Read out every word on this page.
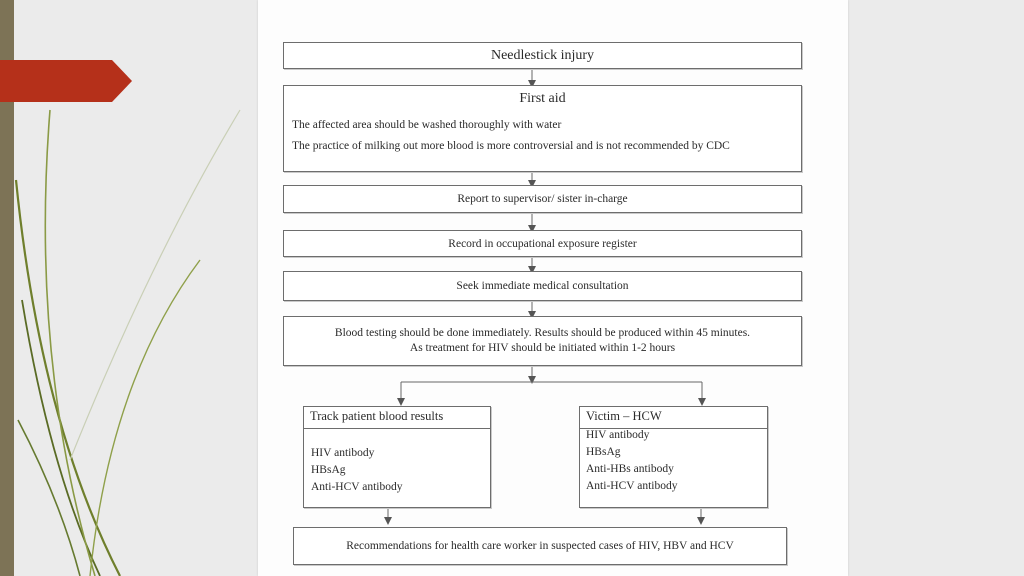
Needlestick injury
First aid
The affected area should be washed thoroughly with water
The practice of milking out more blood is more controversial and is not recommended by CDC
Report to supervisor/ sister in-charge
Record in occupational exposure register
Seek immediate medical consultation
Blood testing should be done immediately. Results should be produced within 45 minutes. As treatment for HIV should be initiated within 1-2 hours
Track patient blood results
HIV antibody
HBsAg
Anti-HCV antibody
Victim – HCW
HIV antibody
HBsAg
Anti-HBs antibody
Anti-HCV antibody
Recommendations for health care worker in suspected cases of HIV, HBV and HCV
